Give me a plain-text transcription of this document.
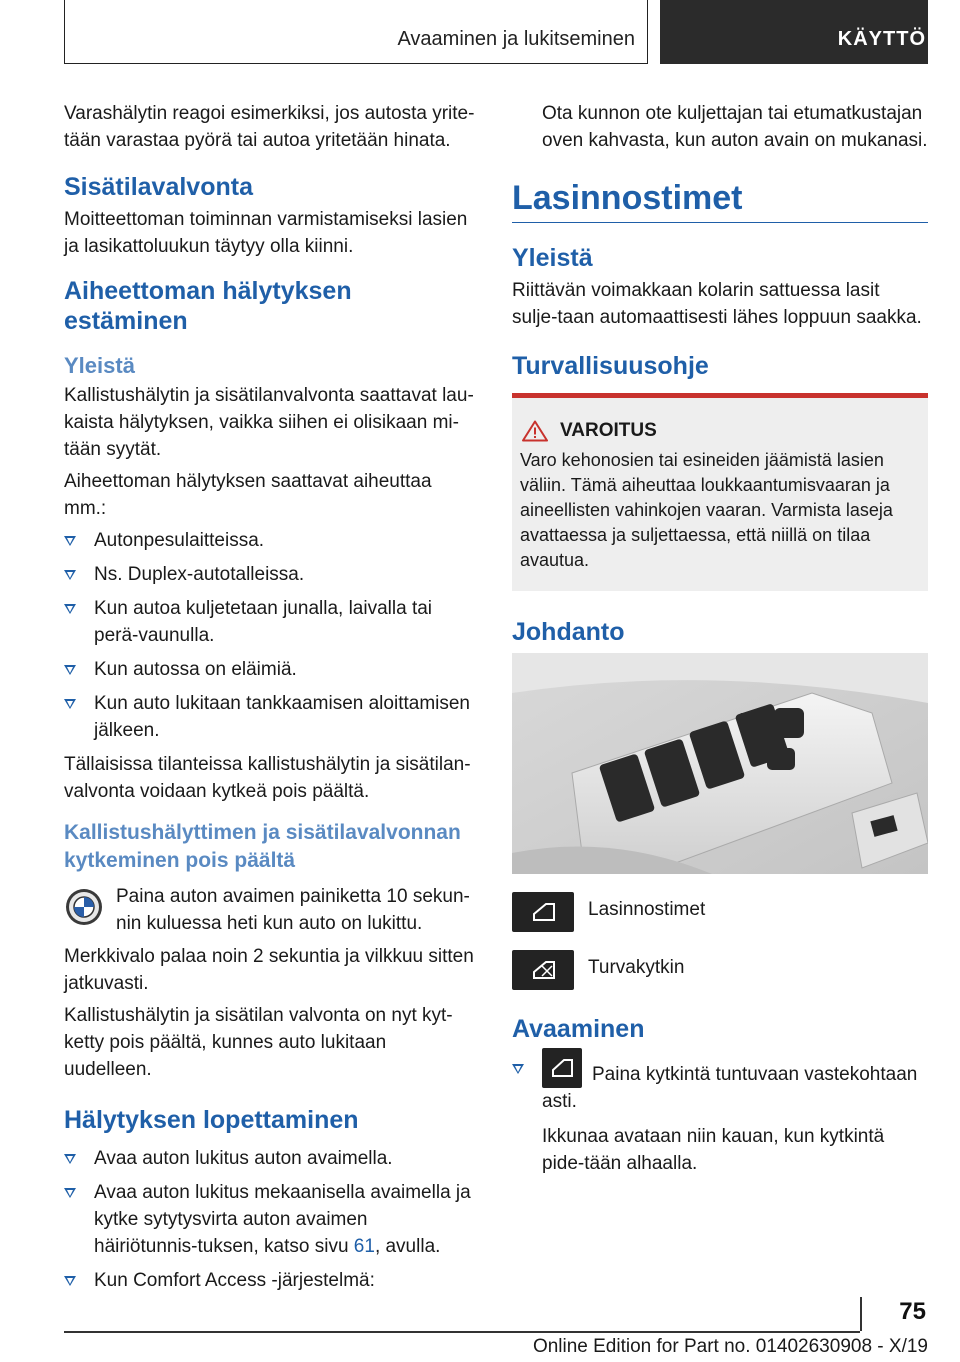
Avaaminen ja lukitseminen	KÄYTTÖ

Varashälytin reagoi esimerkiksi, jos autosta yrite-tään varastaa pyörä tai autoa yritetään hinata.

Sisätilavalvonta

Moitteettoman toiminnan varmistamiseksi lasien ja lasikattoluukun täytyy olla kiinni.

Aiheettoman hälytyksen estäminen
Yleistä

Kallistushälytin ja sisätilanvalvonta saattavat lau-kaista hälytyksen, vaikka siihen ei olisikaan mi-tään syytät.

Aiheettoman hälytyksen saattavat aiheuttaa mm.:

Autonpesulaitteissa.
Ns. Duplex-autotalleissa.
Kun autoa kuljetetaan junalla, laivalla tai perä-vaunulla.
Kun autossa on eläimiä.
Kun auto lukitaan tankkaamisen aloittamisen jälkeen.

Tällaisissa tilanteissa kallistushälytin ja sisätilan-valvonta voidaan kytkeä pois päältä.

Kallistushälyttimen ja sisätilavalvonnan kytkeminen pois päältä

Paina auton avaimen painiketta 10 sekun-nin kuluessa heti kun auto on lukittu.

Merkkivalo palaa noin 2 sekuntia ja vilkkuu sitten jatkuvasti.

Kallistushälytin ja sisätilan valvonta on nyt kyt-ketty pois päältä, kunnes auto lukitaan uudelleen.

Hälytyksen lopettaminen
Avaa auton lukitus auton avaimella.
Avaa auton lukitus mekaanisella avaimella ja kytke sytytysvirta auton avaimen häiriötunnis-tuksen, katso sivu 61, avulla.
Kun Comfort Access -järjestelmä:

Ota kunnon ote kuljettajan tai etumatkustajan oven kahvasta, kun auton avain on mukanasi.

Lasinnostimet
Yleistä

Riittävän voimakkaan kolarin sattuessa lasit sulje-taan automaattisesti lähes loppuun saakka.

Turvallisuusohje
VAROITUS

Varo kehonosien tai esineiden jäämistä lasien väliin. Tämä aiheuttaa loukkaantumisvaaran ja aineellisten vahinkojen vaaran. Varmista laseja avattaessa ja suljettaessa, että niillä on tilaa avautua.

Johdanto

Lasinnostimet

Turvakytkin

Avaaminen
Paina kytkintä tuntuvaan vastekohtaan asti.

Ikkunaa avataan niin kauan, kun kytkintä pide-tään alhaalla.

75
Online Edition for Part no. 01402630908 - X/19
